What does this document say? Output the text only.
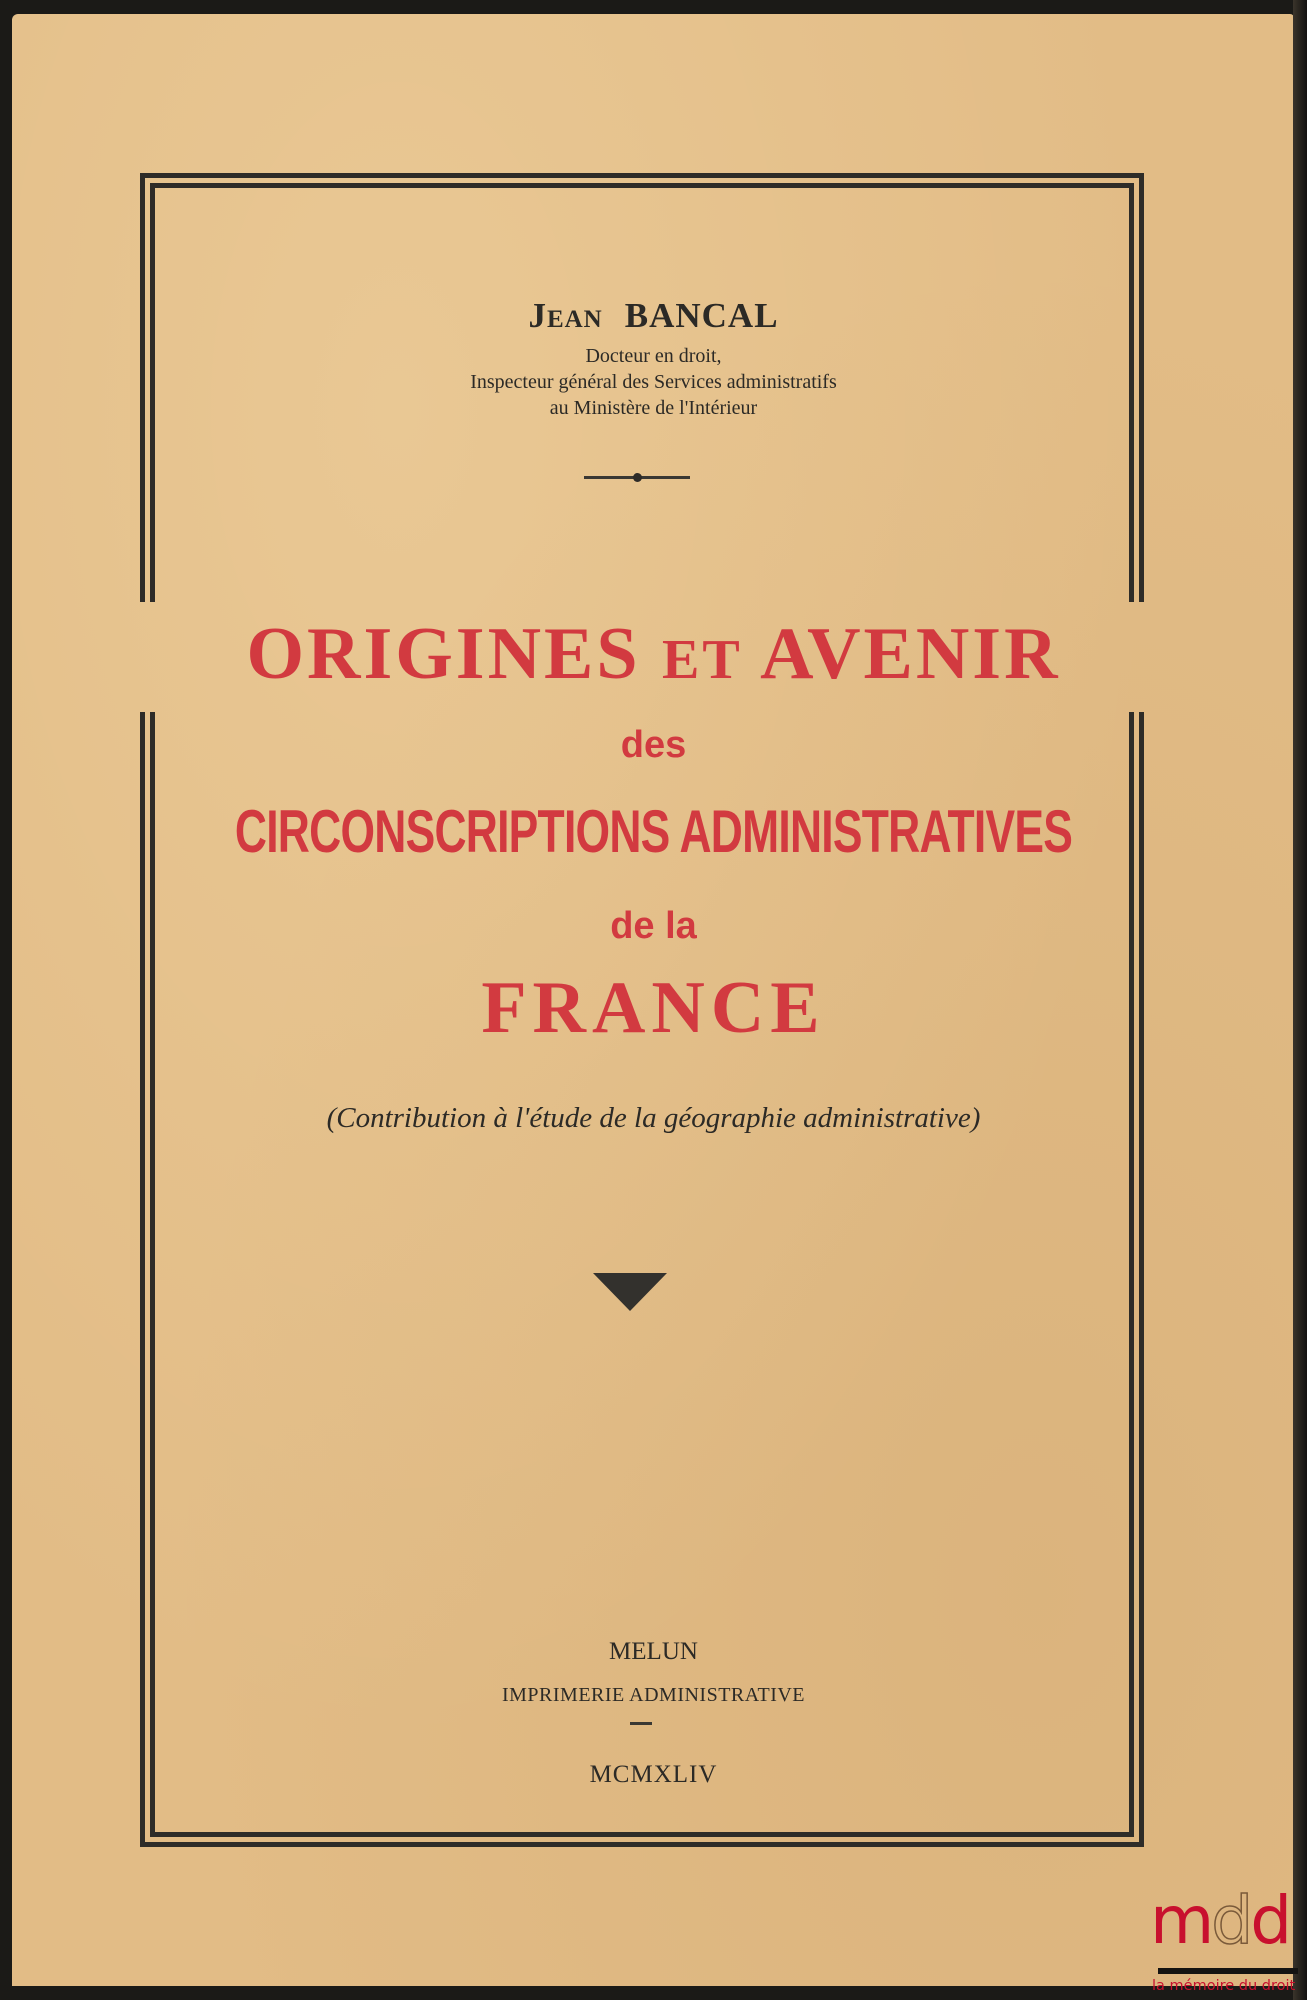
Jean BANCAL
Docteur en droit,
Inspecteur général des Services administratifs
au Ministère de l'Intérieur
ORIGINES ET AVENIR
des
CIRCONSCRIPTIONS ADMINISTRATIVES
de la
FRANCE
(Contribution à l'étude de la géographie administrative)
MELUN
IMPRIMERIE ADMINISTRATIVE
MCMXLIV
mdd
la mémoire du droit
